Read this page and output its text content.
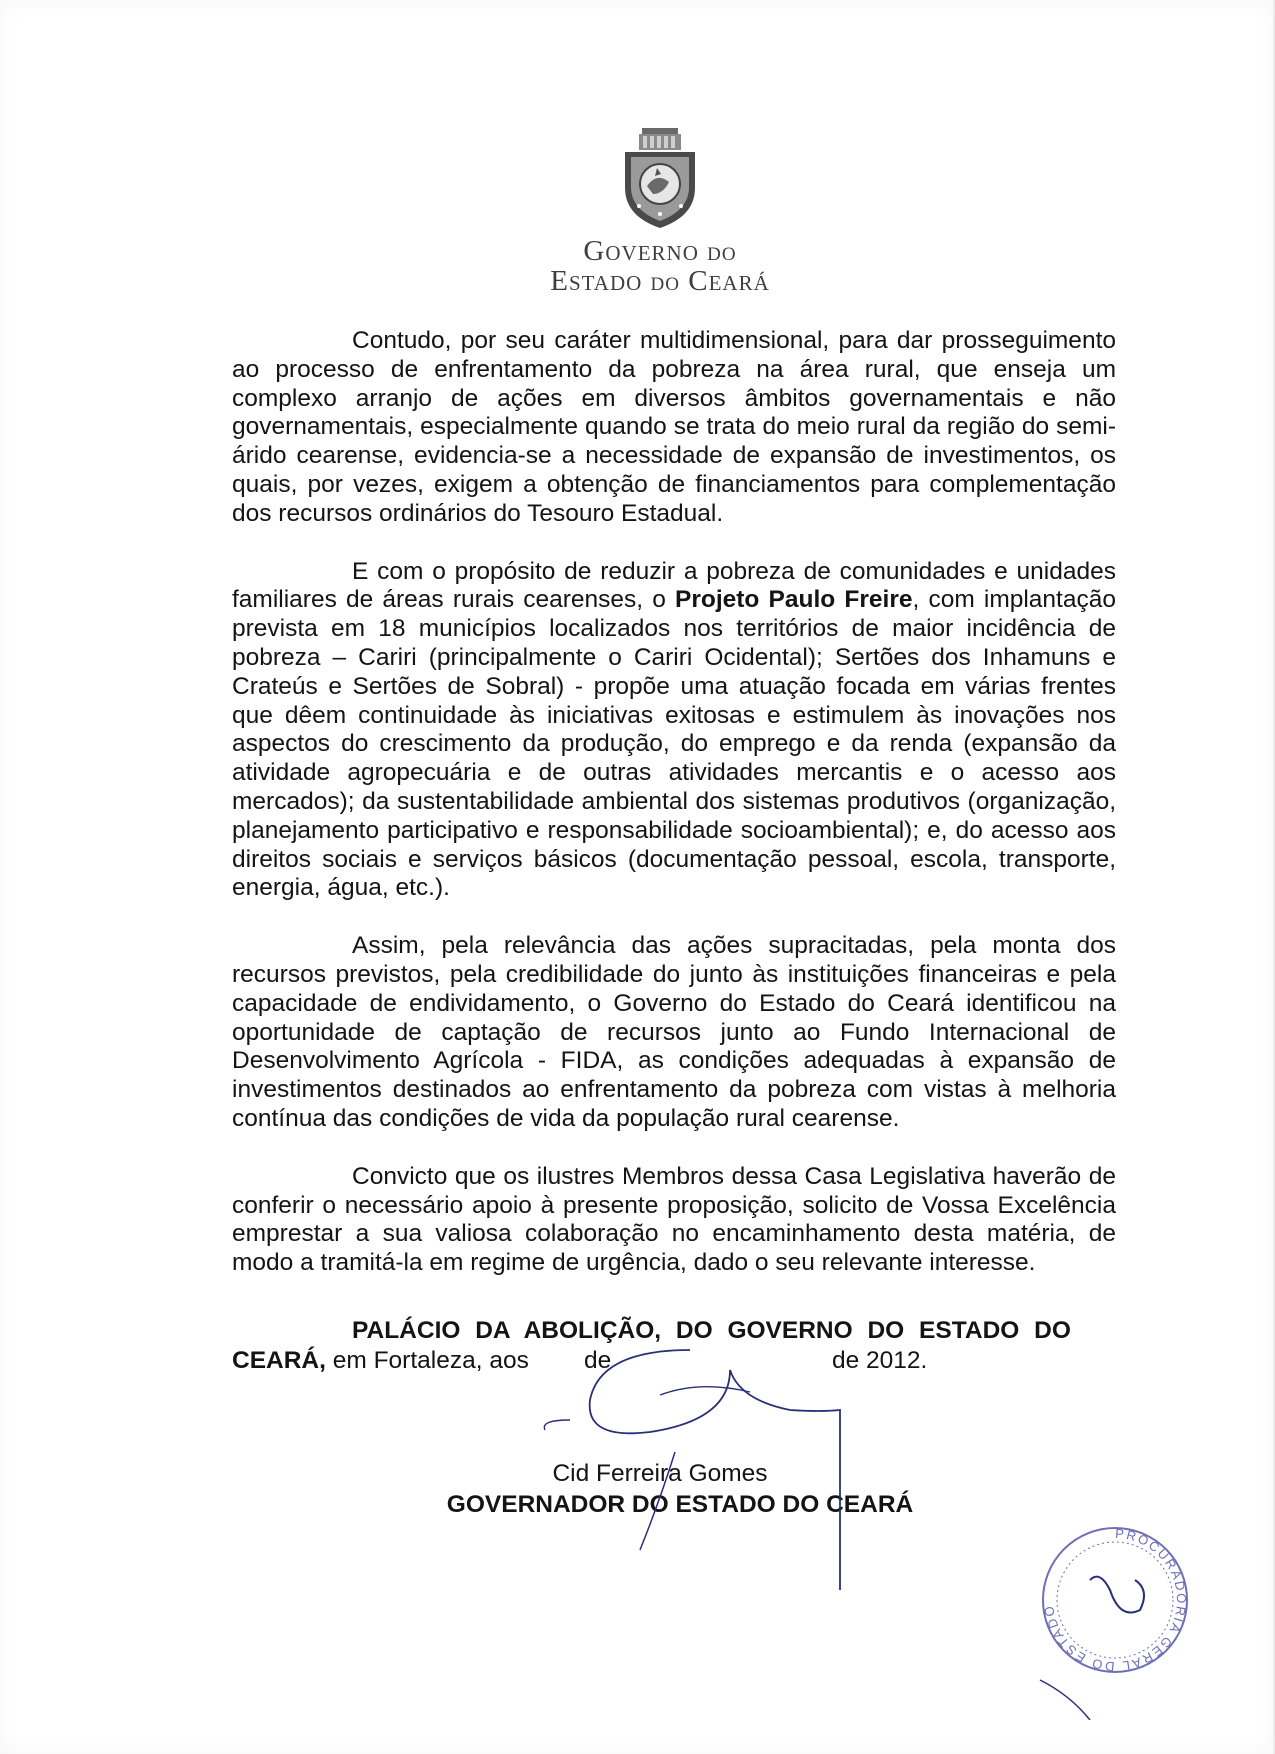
GOVERNO DO
ESTADO DO CEARÁ

Contudo, por seu caráter multidimensional, para dar prosseguimento ao processo de enfrentamento da pobreza na área rural, que enseja um complexo arranjo de ações em diversos âmbitos governamentais e não governamentais, especialmente quando se trata do meio rural da região do semi-árido cearense, evidencia-se a necessidade de expansão de investimentos, os quais, por vezes, exigem a obtenção de financiamentos para complementação dos recursos ordinários do Tesouro Estadual.

E com o propósito de reduzir a pobreza de comunidades e unidades familiares de áreas rurais cearenses, o Projeto Paulo Freire, com implantação prevista em 18 municípios localizados nos territórios de maior incidência de pobreza – Cariri (principalmente o Cariri Ocidental); Sertões dos Inhamuns e Crateús e Sertões de Sobral) - propõe uma atuação focada em várias frentes que dêem continuidade às iniciativas exitosas e estimulem às inovações nos aspectos do crescimento da produção, do emprego e da renda (expansão da atividade agropecuária e de outras atividades mercantis e o acesso aos mercados); da sustentabilidade ambiental dos sistemas produtivos (organização, planejamento participativo e responsabilidade socioambiental); e, do acesso aos direitos sociais e serviços básicos (documentação pessoal, escola, transporte, energia, água, etc.).

Assim, pela relevância das ações supracitadas, pela monta dos recursos previstos, pela credibilidade do junto às instituições financeiras e pela capacidade de endividamento, o Governo do Estado do Ceará identificou na oportunidade de captação de recursos junto ao Fundo Internacional de Desenvolvimento Agrícola - FIDA, as condições adequadas à expansão de investimentos destinados ao enfrentamento da pobreza com vistas à melhoria contínua das condições de vida da população rural cearense.

Convicto que os ilustres Membros dessa Casa Legislativa haverão de conferir o necessário apoio à presente proposição, solicito de Vossa Excelência emprestar a sua valiosa colaboração no encaminhamento desta matéria, de modo a tramitá-la em regime de urgência, dado o seu relevante interesse.

PALÁCIO DA ABOLIÇÃO, DO GOVERNO DO ESTADO DO
CEARÁ, em Fortaleza, aos de	de 2012.
Cid Ferreira Gomes
GOVERNADOR DO ESTADO DO CEARÁ
PROCURADORIA GERAL DO ESTADO
